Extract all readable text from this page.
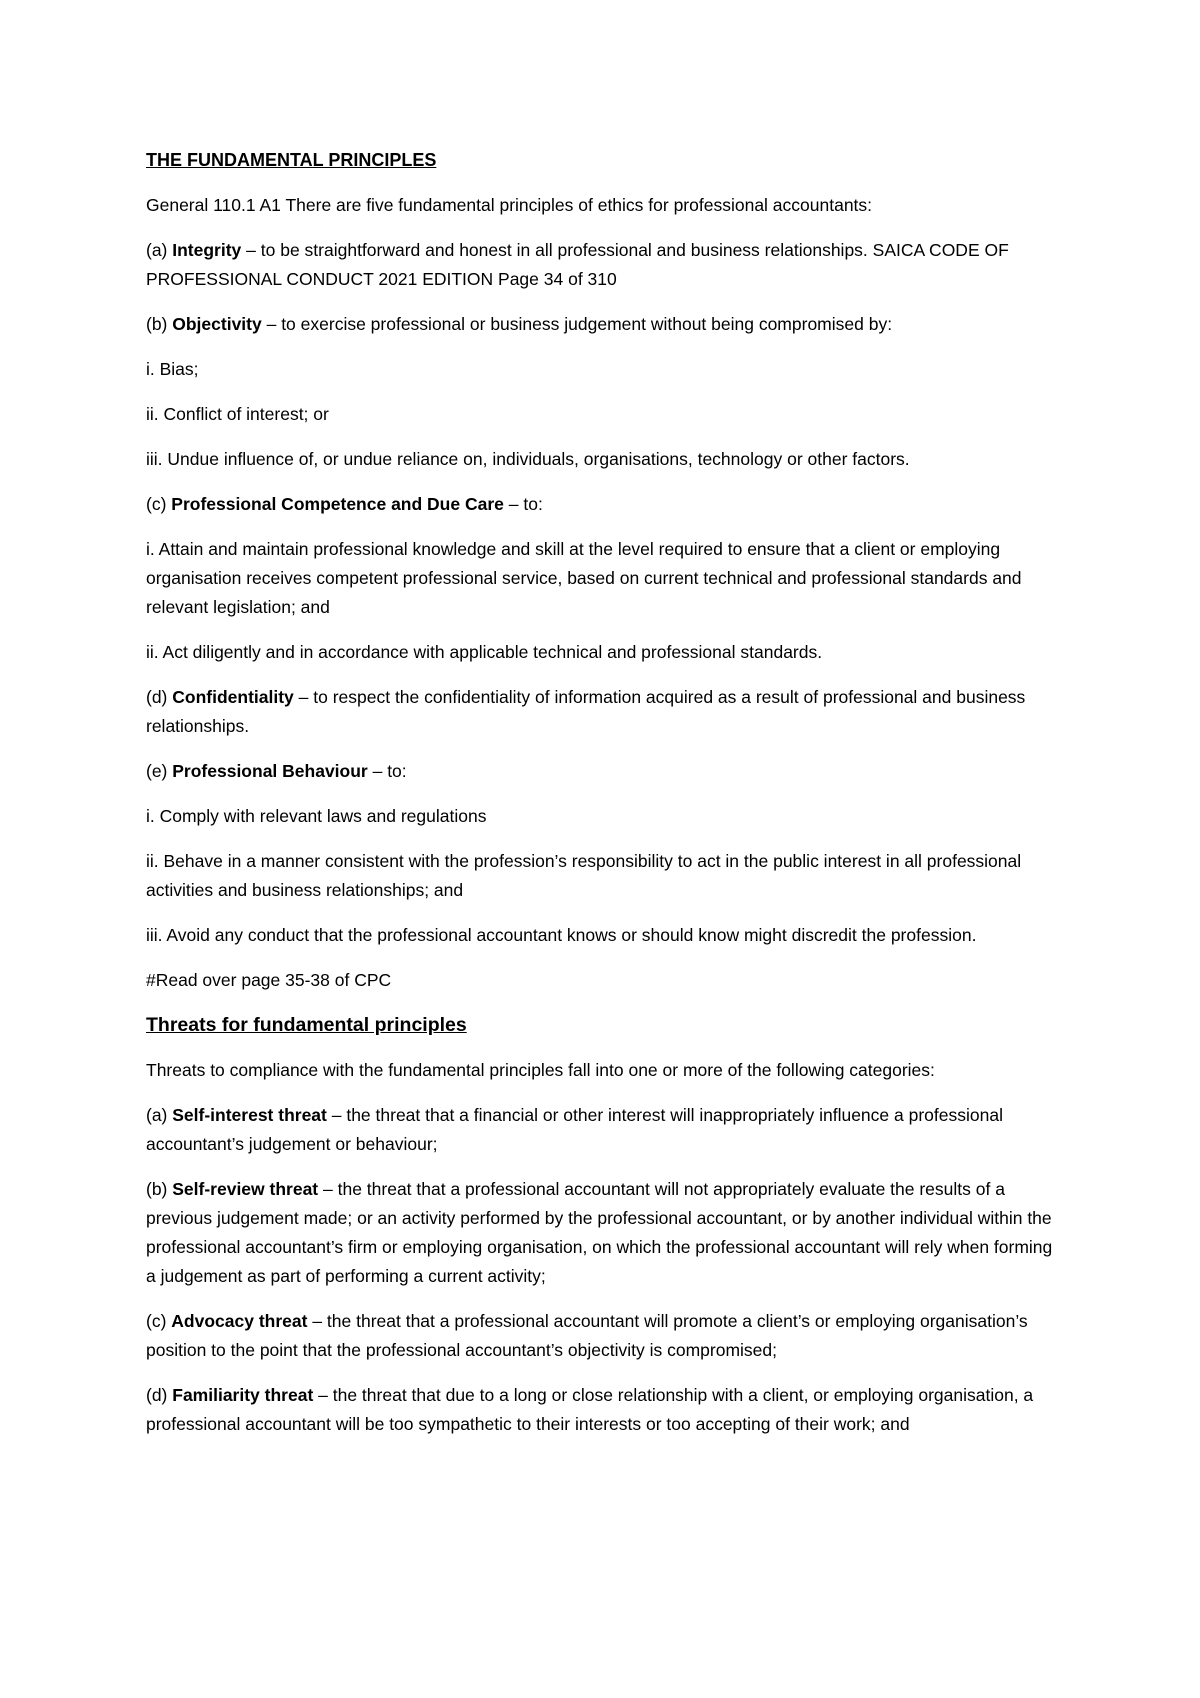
THE FUNDAMENTAL PRINCIPLES

General 110.1 A1 There are five fundamental principles of ethics for professional accountants:

(a) Integrity – to be straightforward and honest in all professional and business relationships. SAICA CODE OF PROFESSIONAL CONDUCT 2021 EDITION Page 34 of 310

(b) Objectivity – to exercise professional or business judgement without being compromised by:

i. Bias;

ii. Conflict of interest; or

iii. Undue influence of, or undue reliance on, individuals, organisations, technology or other factors.

(c) Professional Competence and Due Care – to:

i. Attain and maintain professional knowledge and skill at the level required to ensure that a client or employing organisation receives competent professional service, based on current technical and professional standards and relevant legislation; and

ii. Act diligently and in accordance with applicable technical and professional standards.

(d) Confidentiality – to respect the confidentiality of information acquired as a result of professional and business relationships.

(e) Professional Behaviour – to:

i. Comply with relevant laws and regulations

ii. Behave in a manner consistent with the profession’s responsibility to act in the public interest in all professional activities and business relationships; and

iii. Avoid any conduct that the professional accountant knows or should know might discredit the profession.

#Read over page 35-38 of CPC

Threats for fundamental principles

Threats to compliance with the fundamental principles fall into one or more of the following categories:

(a) Self-interest threat – the threat that a financial or other interest will inappropriately influence a professional accountant’s judgement or behaviour;

(b) Self-review threat – the threat that a professional accountant will not appropriately evaluate the results of a previous judgement made; or an activity performed by the professional accountant, or by another individual within the professional accountant’s firm or employing organisation, on which the professional accountant will rely when forming a judgement as part of performing a current activity;

(c) Advocacy threat – the threat that a professional accountant will promote a client’s or employing organisation’s position to the point that the professional accountant’s objectivity is compromised;

(d) Familiarity threat – the threat that due to a long or close relationship with a client, or employing organisation, a professional accountant will be too sympathetic to their interests or too accepting of their work; and
